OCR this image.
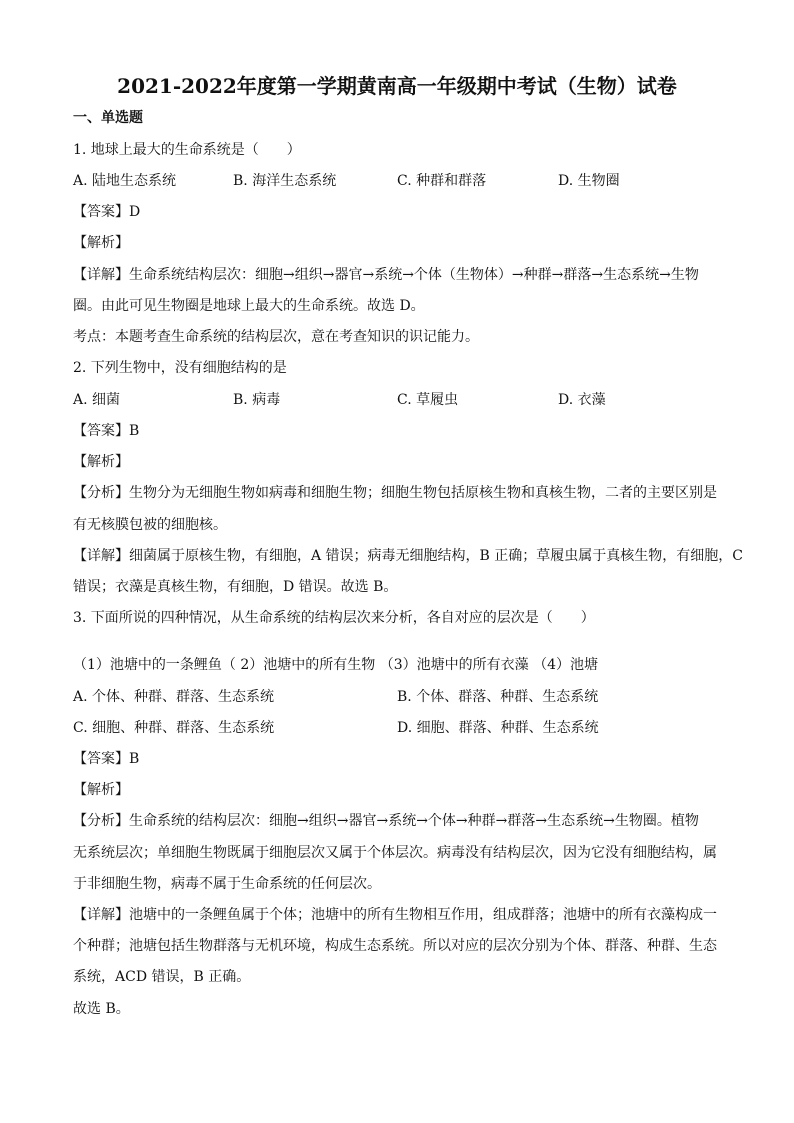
2021-2022年度第一学期黄南高一年级期中考试（生物）试卷
一、单选题
1. 地球上最大的生命系统是（　　）
A. 陆地生态系统	B. 海洋生态系统	C. 种群和群落	D. 生物圈
【答案】D
【解析】
【详解】生命系统结构层次：细胞→组织→器官→系统→个体（生物体）→种群→群落→生态系统→生物
圈。由此可见生物圈是地球上最大的生命系统。故选 D。
考点：本题考查生命系统的结构层次，意在考查知识的识记能力。
2. 下列生物中，没有细胞结构的是
A. 细菌	B. 病毒	C. 草履虫	D. 衣藻
【答案】B
【解析】
【分析】生物分为无细胞生物如病毒和细胞生物；细胞生物包括原核生物和真核生物，二者的主要区别是
有无核膜包被的细胞核。
【详解】细菌属于原核生物，有细胞，A 错误；病毒无细胞结构，B 正确；草履虫属于真核生物，有细胞，C
错误；衣藻是真核生物，有细胞，D 错误。故选 B。
3. 下面所说的四种情况，从生命系统的结构层次来分析，各自对应的层次是（　　）
（1）池塘中的一条鲤鱼（ 2）池塘中的所有生物 （3）池塘中的所有衣藻 （4）池塘
A. 个体、种群、群落、生态系统	B. 个体、群落、种群、生态系统
C. 细胞、种群、群落、生态系统	D. 细胞、群落、种群、生态系统
【答案】B
【解析】
【分析】生命系统的结构层次：细胞→组织→器官→系统→个体→种群→群落→生态系统→生物圈。植物
无系统层次；单细胞生物既属于细胞层次又属于个体层次。病毒没有结构层次，因为它没有细胞结构，属
于非细胞生物，病毒不属于生命系统的任何层次。
【详解】池塘中的一条鲤鱼属于个体；池塘中的所有生物相互作用，组成群落；池塘中的所有衣藻构成一
个种群；池塘包括生物群落与无机环境，构成生态系统。所以对应的层次分别为个体、群落、种群、生态
系统，ACD 错误，B 正确。
故选 B。
